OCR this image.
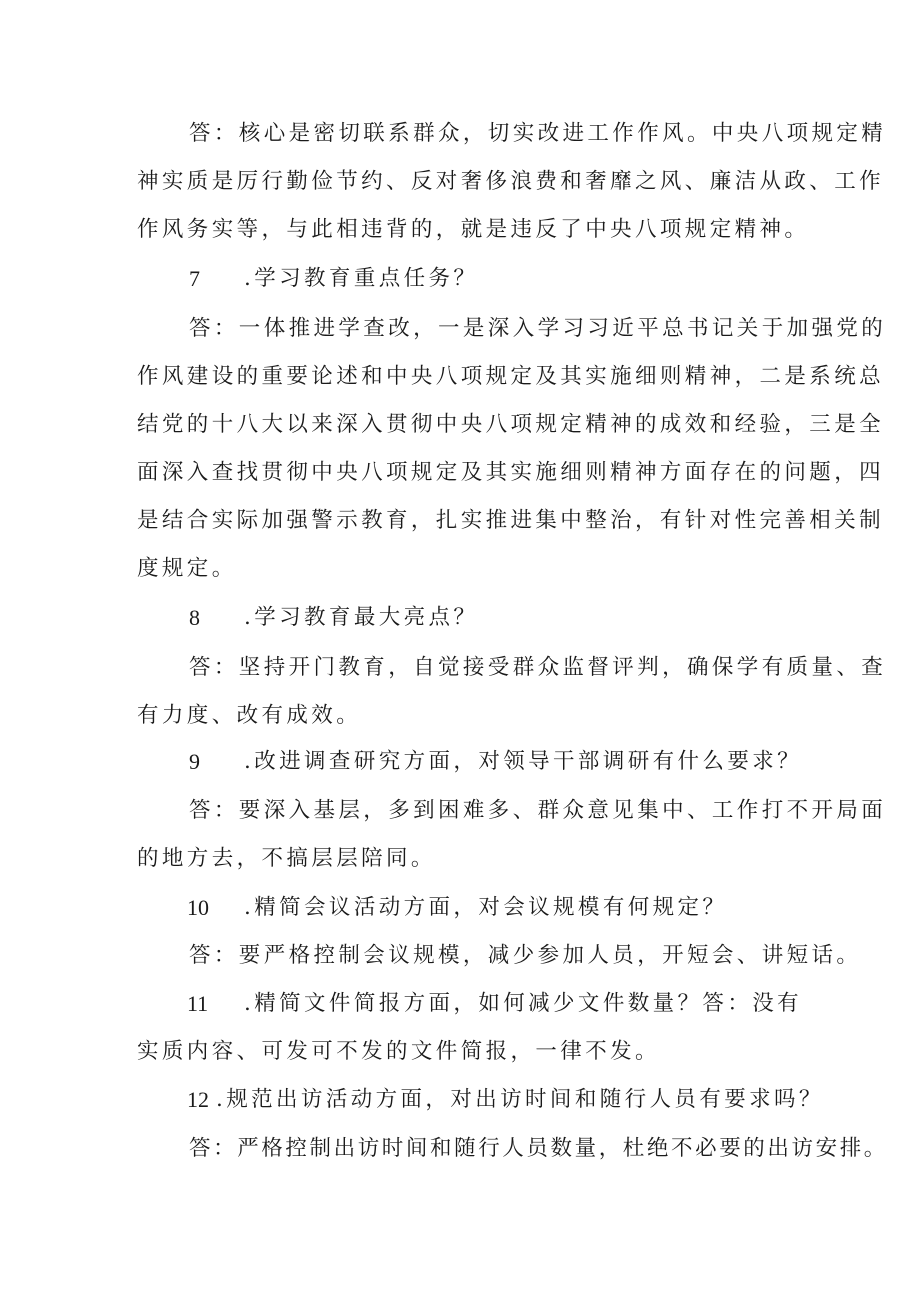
答：核心是密切联系群众，切实改进工作作风。中央八项规定精
神实质是厉行勤俭节约、反对奢侈浪费和奢靡之风、廉洁从政、工作
作风务实等，与此相违背的，就是违反了中央八项规定精神。
7 .学习教育重点任务？
答：一体推进学查改，一是深入学习习近平总书记关于加强党的
作风建设的重要论述和中央八项规定及其实施细则精神，二是系统总
结党的十八大以来深入贯彻中央八项规定精神的成效和经验，三是全
面深入查找贯彻中央八项规定及其实施细则精神方面存在的问题，四
是结合实际加强警示教育，扎实推进集中整治，有针对性完善相关制
度规定。
8 .学习教育最大亮点？
答：坚持开门教育，自觉接受群众监督评判，确保学有质量、查
有力度、改有成效。
9 .改进调查研究方面，对领导干部调研有什么要求？
答：要深入基层，多到困难多、群众意见集中、工作打不开局面
的地方去，不搞层层陪同。
10 .精简会议活动方面，对会议规模有何规定？
答：要严格控制会议规模，减少参加人员，开短会、讲短话。
11 .精简文件简报方面，如何减少文件数量？答：没有
实质内容、可发可不发的文件简报，一律不发。
12 .规范出访活动方面，对出访时间和随行人员有要求吗？
答：严格控制出访时间和随行人员数量，杜绝不必要的出访安排。
